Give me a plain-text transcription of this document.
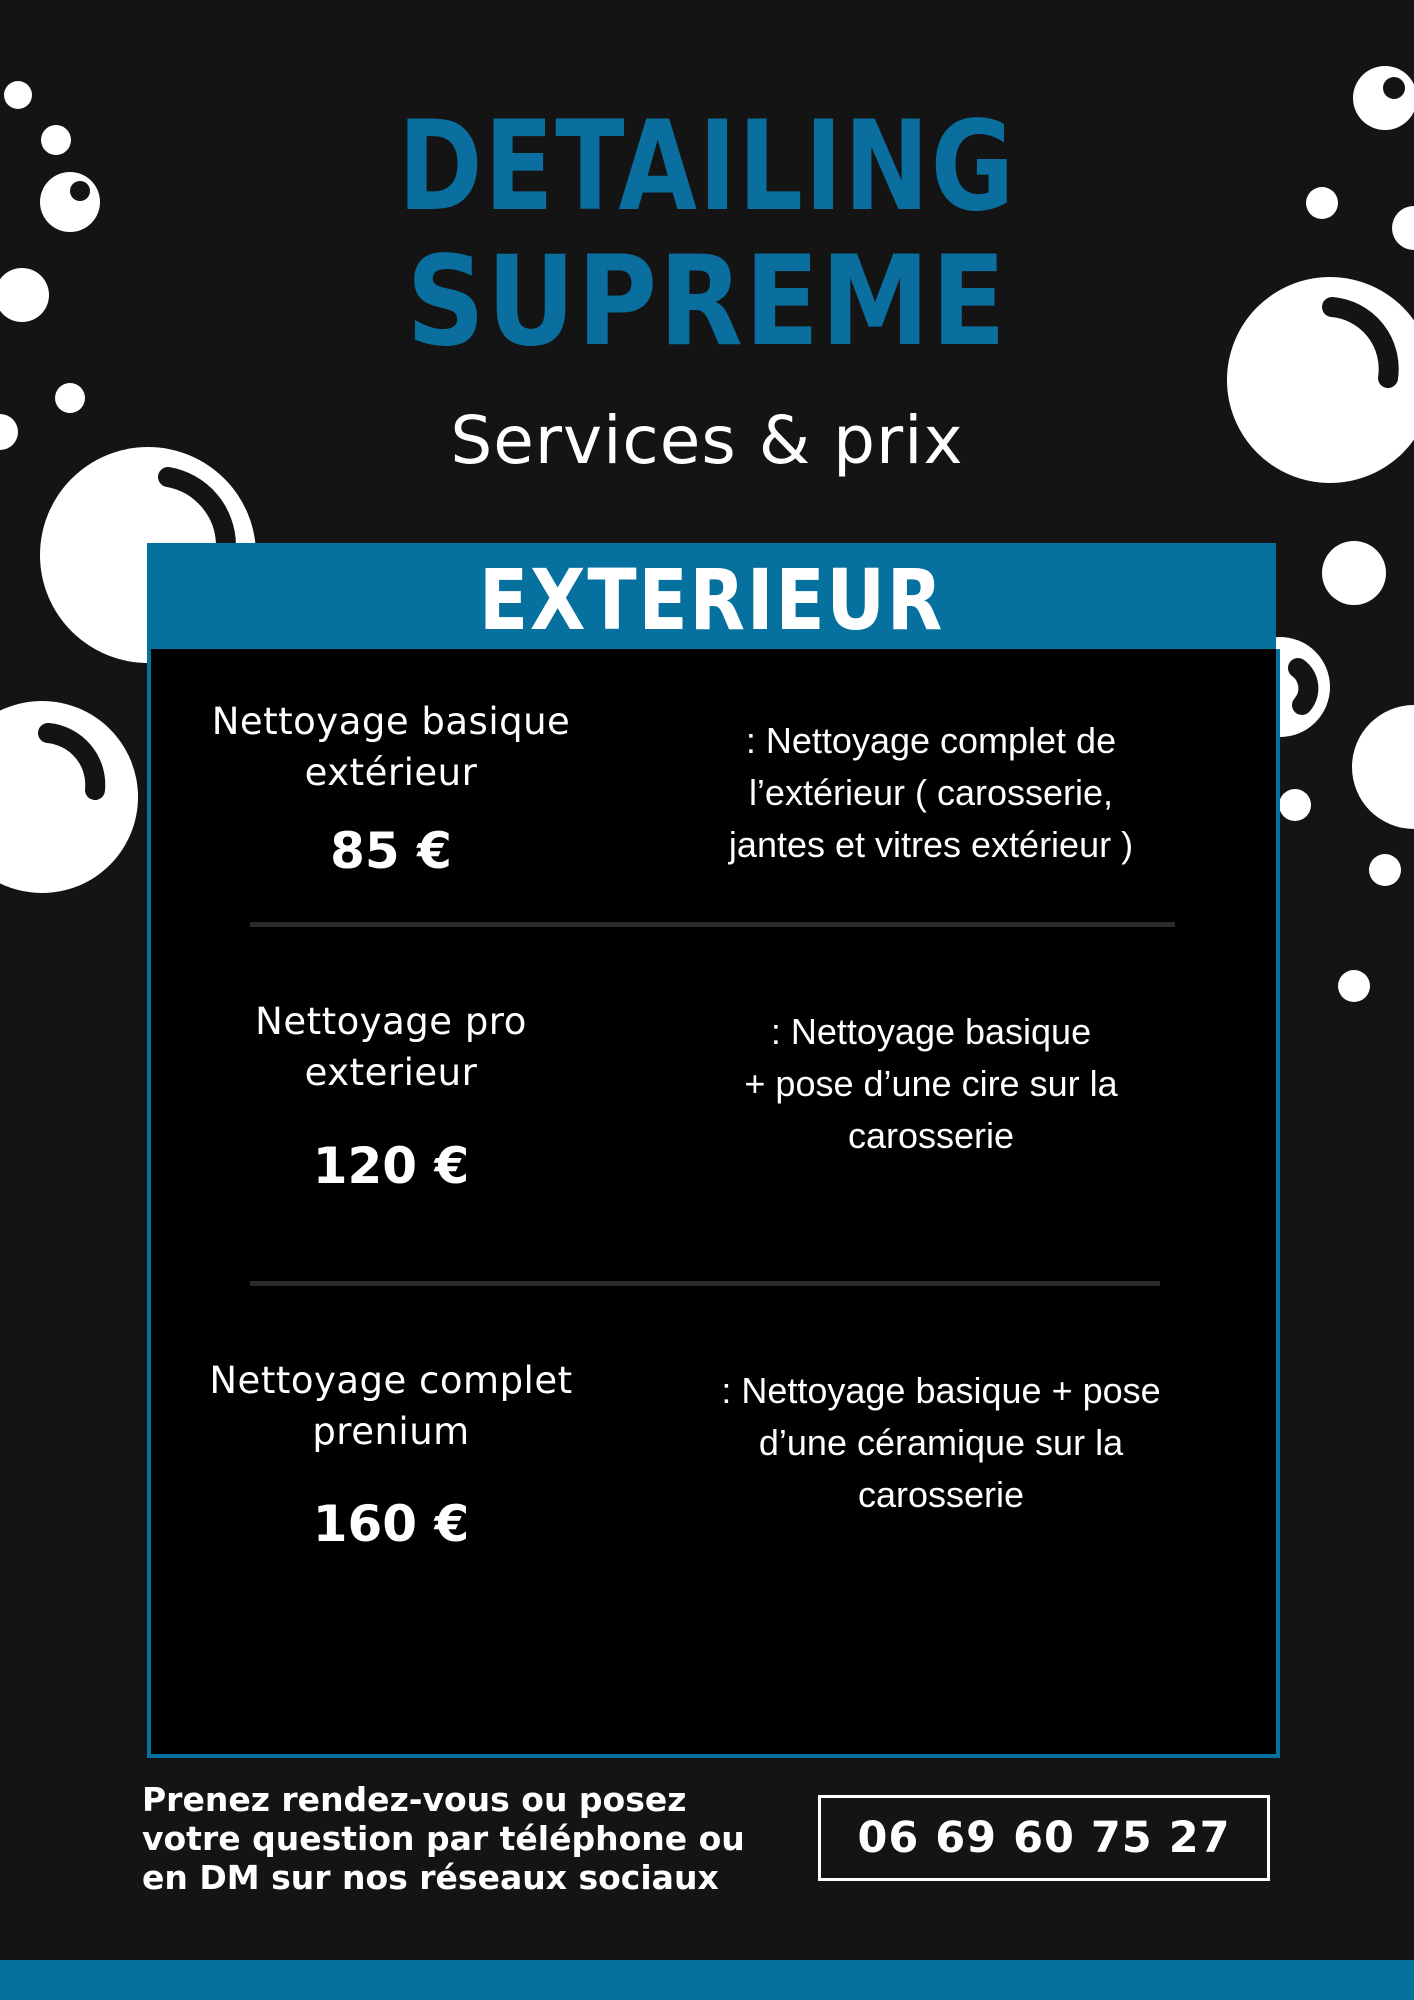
DETAILING
SUPREME
Services & prix
EXTERIEUR
Nettoyage basique extérieur
85 €
: Nettoyage complet de
l’extérieur ( carosserie,
jantes et vitres extérieur )
Nettoyage pro exterieur
120 €
: Nettoyage basique
+ pose d’une cire sur la
carosserie
Nettoyage complet prenium
160 €
: Nettoyage basique + pose
d’une céramique sur la
carosserie
Prenez rendez-vous ou posez votre question par téléphone ou en DM sur nos réseaux sociaux
06 69 60 75 27
